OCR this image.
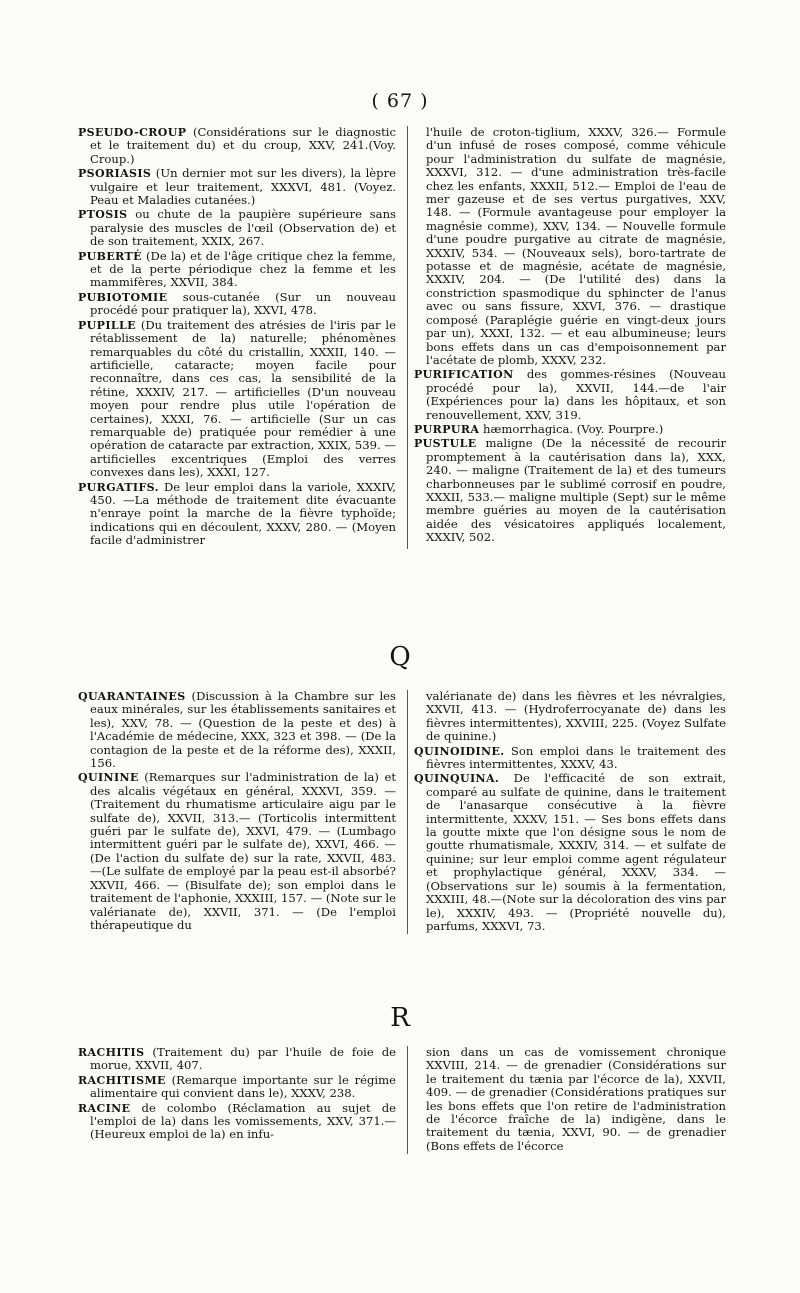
( 67 )

PSEUDO-CROUP (Considérations sur le diagnostic et le traitement du) et du croup, XXV, 241.(Voy. Croup.)

PSORIASIS (Un dernier mot sur les divers), la lèpre vulgaire et leur traitement, XXXVI, 481. (Voyez. Peau et Maladies cutanées.)

PTOSIS ou chute de la paupière supérieure sans paralysie des muscles de l'œil (Observation de) et de son traitement, XXIX, 267.

PUBERTÉ (De la) et de l'âge critique chez la femme, et de la perte périodique chez la femme et les mammifères, XXVII, 384.

PUBIOTOMIE sous-cutanée (Sur un nouveau procédé pour pratiquer la), XXVI, 478.

PUPILLE (Du traitement des atrésies de l'iris par le rétablissement de la) naturelle; phénomènes remarquables du côté du cristallin, XXXII, 140. — artificielle, cataracte; moyen facile pour reconnaître, dans ces cas, la sensibilité de la rétine, XXXIV, 217. — artificielles (D'un nouveau moyen pour rendre plus utile l'opération de certaines), XXXI, 76. — artificielle (Sur un cas remarquable de) pratiquée pour remédier à une opération de cataracte par extraction, XXIX, 539. — artificielles excentriques (Emploi des verres convexes dans les), XXXI, 127.

PURGATIFS. De leur emploi dans la variole, XXXIV, 450. —La méthode de traitement dite évacuante n'enraye point la marche de la fièvre typhoïde; indications qui en découlent, XXXV, 280. — (Moyen facile d'administrer

l'huile de croton-tiglium, XXXV, 326.— Formule d'un infusé de roses composé, comme véhicule pour l'administration du sulfate de magnésie, XXXVI, 312. — d'une administration très-facile chez les enfants, XXXII, 512.— Emploi de l'eau de mer gazeuse et de ses vertus purgatives, XXV, 148. — (Formule avantageuse pour employer la magnésie comme), XXV, 134. — Nouvelle formule d'une poudre purgative au citrate de magnésie, XXXIV, 534. — (Nouveaux sels), boro-tartrate de potasse et de magnésie, acétate de magnésie, XXXIV, 204. — (De l'utilité des) dans la constriction spasmodique du sphincter de l'anus avec ou sans fissure, XXVI, 376. — drastique composé (Paraplégie guérie en vingt-deux jours par un), XXXI, 132. — et eau albumineuse; leurs bons effets dans un cas d'empoisonnement par l'acétate de plomb, XXXV, 232.

PURIFICATION des gommes-résines (Nouveau procédé pour la), XXVII, 144.—de l'air (Expériences pour la) dans les hôpitaux, et son renouvellement, XXV, 319.

PURPURA hæmorrhagica. (Voy. Pourpre.)

PUSTULE maligne (De la nécessité de recourir promptement à la cautérisation dans la), XXX, 240. — maligne (Traitement de la) et des tumeurs charbonneuses par le sublimé corrosif en poudre, XXXII, 533.— maligne multiple (Sept) sur le même membre guéries au moyen de la cautérisation aidée des vésicatoires appliqués localement, XXXIV, 502.

Q

QUARANTAINES (Discussion à la Chambre sur les eaux minérales, sur les établissements sanitaires et les), XXV, 78. — (Question de la peste et des) à l'Académie de médecine, XXX, 323 et 398. — (De la contagion de la peste et de la réforme des), XXXII, 156.

QUININE (Remarques sur l'administration de la) et des alcalis végétaux en général, XXXVI, 359. — (Traitement du rhumatisme articulaire aigu par le sulfate de), XXVII, 313.— (Torticolis intermittent guéri par le sulfate de), XXVI, 479. — (Lumbago intermittent guéri par le sulfate de), XXVI, 466. — (De l'action du sulfate de) sur la rate, XXVII, 483. —(Le sulfate de employé par la peau est-il absorbé? XXVII, 466. — (Bisulfate de); son emploi dans le traitement de l'aphonie, XXXIII, 157. — (Note sur le valérianate de), XXVII, 371. — (De l'emploi thérapeutique du

valérianate de) dans les fièvres et les névralgies, XXVII, 413. — (Hydroferrocyanate de) dans les fièvres intermittentes), XXVIII, 225. (Voyez Sulfate de quinine.)

QUINOIDINE. Son emploi dans le traitement des fièvres intermittentes, XXXV, 43.

QUINQUINA. De l'efficacité de son extrait, comparé au sulfate de quinine, dans le traitement de l'anasarque consécutive à la fièvre intermittente, XXXV, 151. — Ses bons effets dans la goutte mixte que l'on désigne sous le nom de goutte rhumatismale, XXXIV, 314. — et sulfate de quinine; sur leur emploi comme agent régulateur et prophylactique général, XXXV, 334. — (Observations sur le) soumis à la fermentation, XXXIII, 48.—(Note sur la décoloration des vins par le), XXXIV, 493. — (Propriété nouvelle du), parfums, XXXVI, 73.

R

RACHITIS (Traitement du) par l'huile de foie de morue, XXVII, 407.

RACHITISME (Remarque importante sur le régime alimentaire qui convient dans le), XXXV, 238.

RACINE de colombo (Réclamation au sujet de l'emploi de la) dans les vomissements, XXV, 371.— (Heureux emploi de la) en infu-

sion dans un cas de vomissement chronique XXVIII, 214. — de grenadier (Considérations sur le traitement du tænia par l'écorce de la), XXVII, 409. — de grenadier (Considérations pratiques sur les bons effets que l'on retire de l'administration de l'écorce fraîche de la) indigène, dans le traitement du tænia, XXVI, 90. — de grenadier (Bons effets de l'écorce
